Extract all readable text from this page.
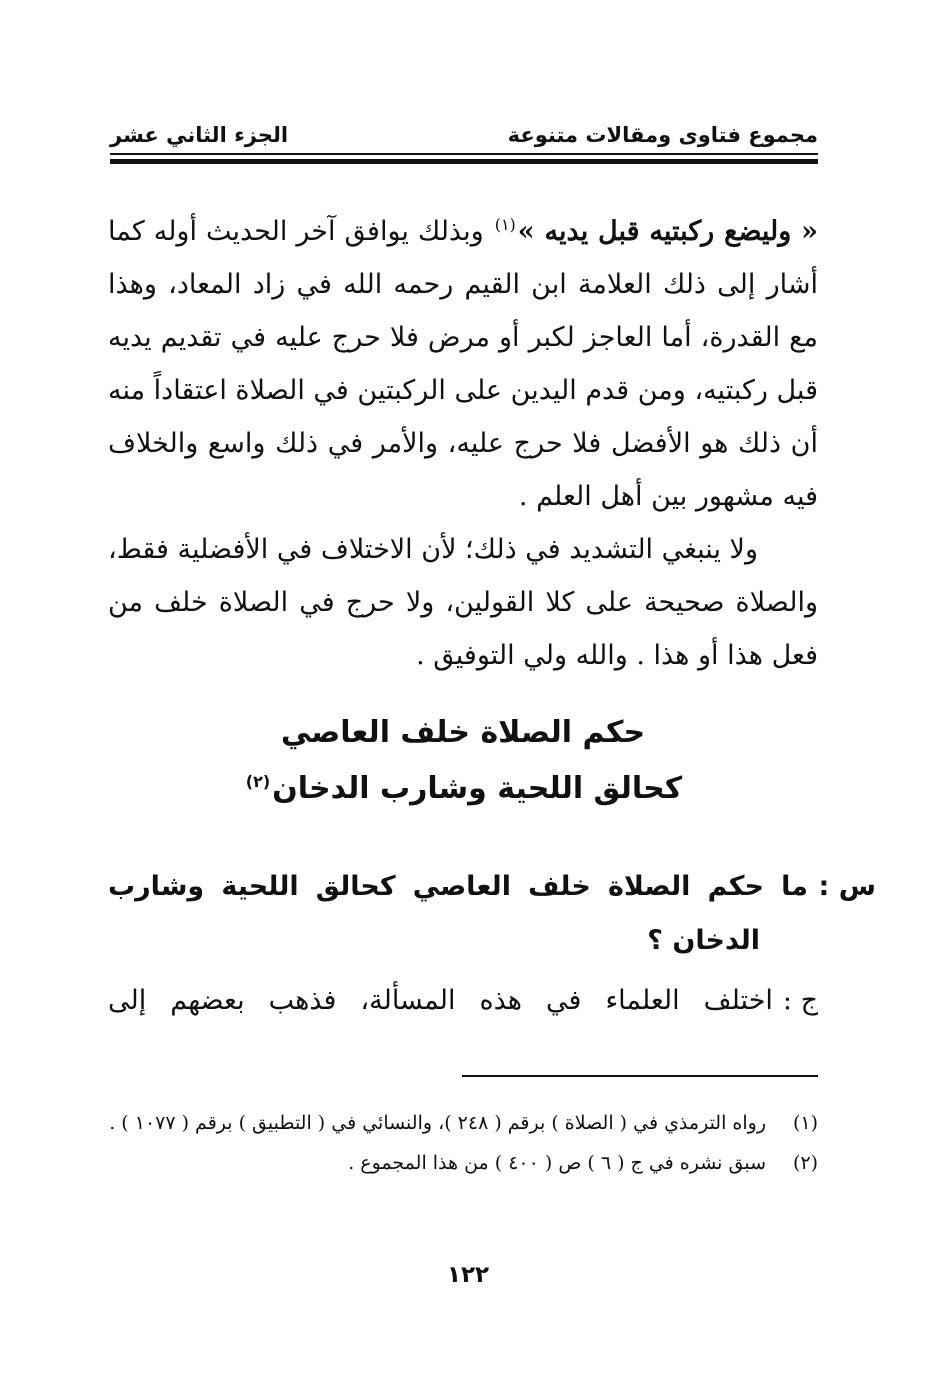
مجموع فتاوى ومقالات متنوعة
الجزء الثاني عشر

« وليضع ركبتيه قبل يديه »$^{(١)}$ وبذلك يوافق آخر الحديث أوله كما أشار إلى ذلك العلامة ابن القيم رحمه الله في زاد المعاد، وهذا مع القدرة، أما العاجز لكبر أو مرض فلا حرج عليه في تقديم يديه قبل ركبتيه، ومن قدم اليدين على الركبتين في الصلاة اعتقاداً منه أن ذلك هو الأفضل فلا حرج عليه، والأمر في ذلك واسع والخلاف فيه مشهور بين أهل العلم .

ولا ينبغي التشديد في ذلك؛ لأن الاختلاف في الأفضلية فقط، والصلاة صحيحة على كلا القولين، ولا حرج في الصلاة خلف من فعل هذا أو هذا . والله ولي التوفيق .

حكم الصلاة خلف العاصي
كحالق اللحية وشارب الدخان$^{(٢)}$
س :ما حكم الصلاة خلف العاصي كحالق اللحية وشارب الدخان ؟
ج :اختلف العلماء في هذه المسألة، فذهب بعضهم إلى
(١)
رواه الترمذي في ( الصلاة ) برقم ( ٢٤٨ )، والنسائي في ( التطبيق ) برقم ( ١٠٧٧ ) .
(٢)
سبق نشره في ج ( ٦ ) ص ( ٤٠٠ ) من هذا المجموع .
١٢٢
